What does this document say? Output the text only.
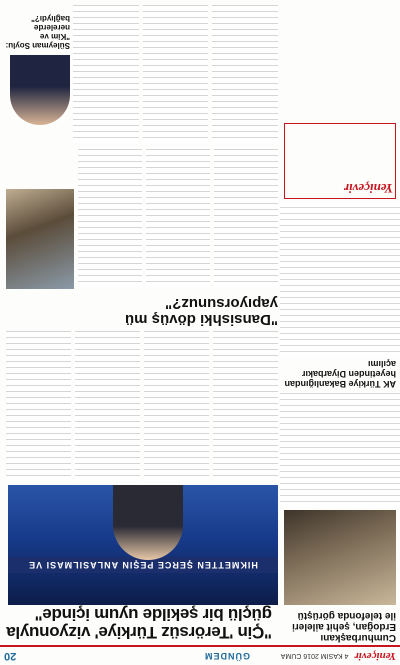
Yeniçevir
4 KASIM 2016 CUMA
GÜNDEM
20
Cumhurbaşkanı Erdoğan, şehit aileleri ile telefonda görüştü
AK Türkiye Bakanlığından heyetinden Diyarbakır açılımı
Yeniçevir
"Çin 'Terörsüz Türkiye' vizyonuyla güçlü bir şekilde uyum içinde"
HIKMETTEN ŞERCE PEŞIN ANLASILMASI VE
"Dansishki dövüş mü yapıyorsunuz?"
Süleyman Soylu: "Kim ve nerelerde bağlıydı?"
